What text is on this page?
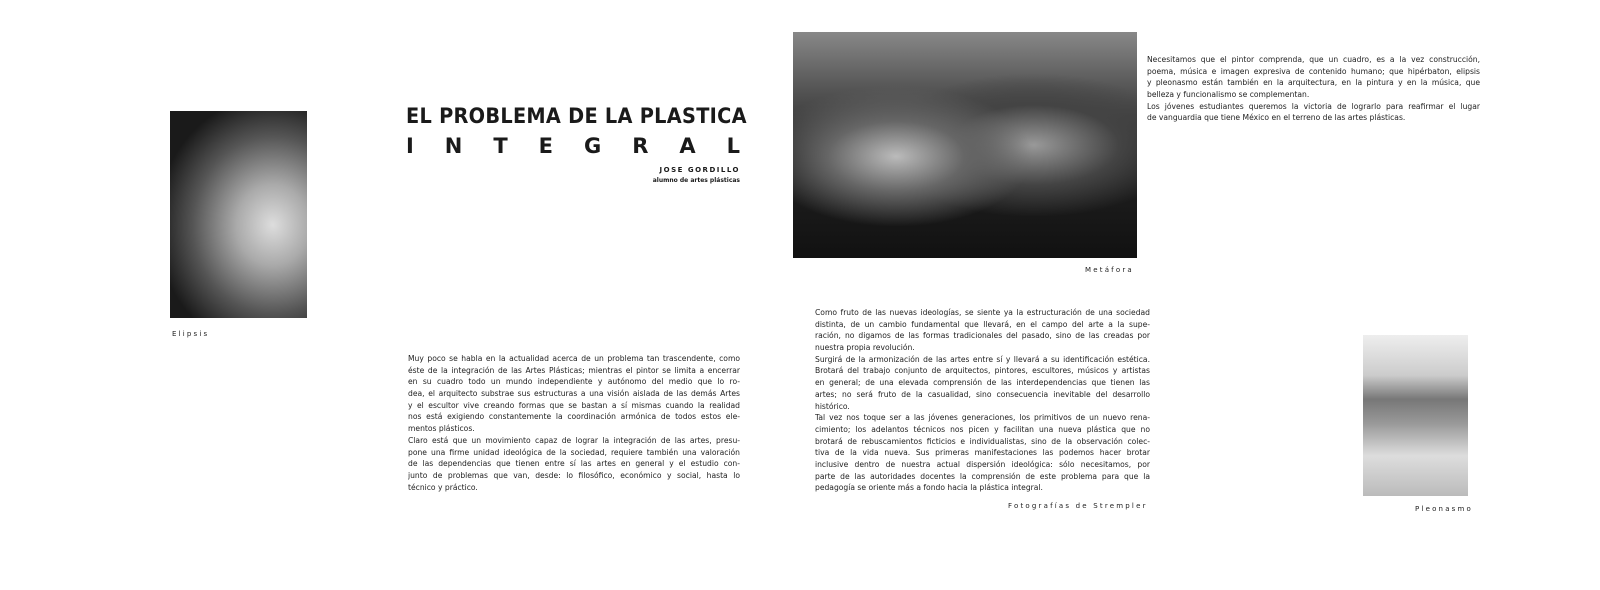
Elipsis
Metáfora
Pleonasmo
Fotografías de Strempler
EL PROBLEMA DE LA PLASTICA
I N T E G R A L
JOSE GORDILLO
alumno de artes plásticas
Muy poco se habla en la actualidad acerca de un problema tan trascendente, como
éste de la integración de las Artes Plásticas; mientras el pintor se limita a encerrar
en su cuadro todo un mundo independiente y autónomo del medio que lo ro-
dea, el arquitecto substrae sus estructuras a una visión aislada de las demás Artes
y el escultor vive creando formas que se bastan a sí mismas cuando la realidad
nos está exigiendo constantemente la coordinación armónica de todos estos ele-
mentos plásticos.
Claro está que un movimiento capaz de lograr la integración de las artes, presu-
pone una firme unidad ideológica de la sociedad, requiere también una valoración
de las dependencias que tienen entre sí las artes en general y el estudio con-
junto de problemas que van, desde: lo filosófico, económico y social, hasta lo
técnico y práctico.
Como fruto de las nuevas ideologías, se siente ya la estructuración de una sociedad
distinta, de un cambio fundamental que llevará, en el campo del arte a la supe-
ración, no digamos de las formas tradicionales del pasado, sino de las creadas por
nuestra propia revolución.
Surgirá de la armonización de las artes entre sí y llevará a su identificación estética.
Brotará del trabajo conjunto de arquitectos, pintores, escultores, músicos y artistas
en general; de una elevada comprensión de las interdependencias que tienen las
artes; no será fruto de la casualidad, sino consecuencia inevitable del desarrollo
histórico.
Tal vez nos toque ser a las jóvenes generaciones, los primitivos de un nuevo rena-
cimiento; los adelantos técnicos nos picen y facilitan una nueva plástica que no
brotará de rebuscamientos ficticios e individualistas, sino de la observación colec-
tiva de la vida nueva. Sus primeras manifestaciones las podemos hacer brotar
inclusive dentro de nuestra actual dispersión ideológica: sólo necesitamos, por
parte de las autoridades docentes la comprensión de este problema para que la
pedagogía se oriente más a fondo hacia la plástica integral.
Necesitamos que el pintor comprenda, que un cuadro, es a la vez construcción,
poema, música e imagen expresiva de contenido humano; que hipérbaton, elipsis
y pleonasmo están también en la arquitectura, en la pintura y en la música, que
belleza y funcionalismo se complementan.
Los jóvenes estudiantes queremos la victoria de lograrlo para reafirmar el lugar
de vanguardia que tiene México en el terreno de las artes plásticas.
